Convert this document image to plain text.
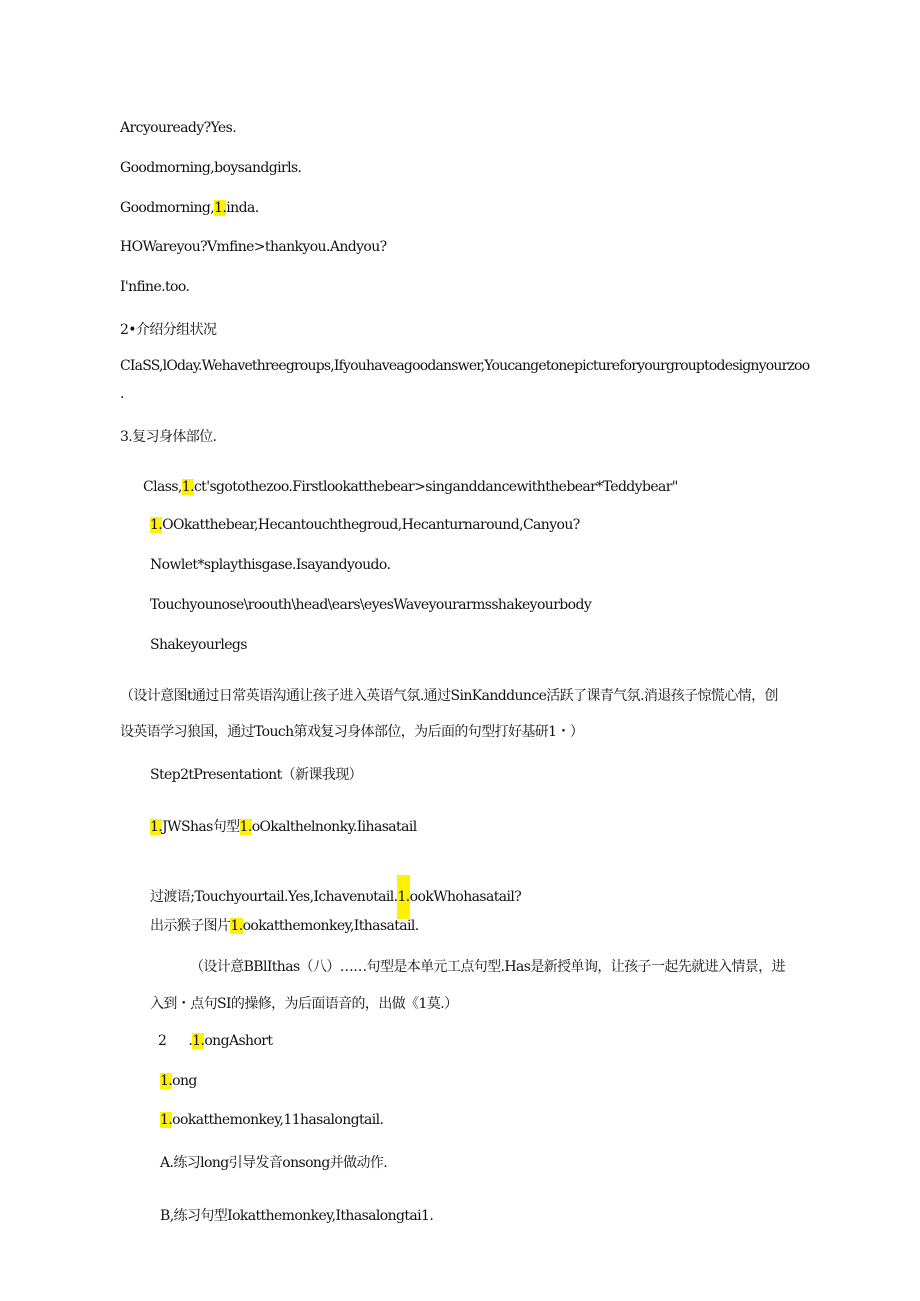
Arcyouready?Yes.
Goodmorning,boysandgirls.
Goodmorning,1.inda.
HOWareyou?Vmfine>thankyou.Andyou?
I'nfine.too.
2•介绍分组状况
CIaSS,lOday.Wehavethreegroups,Ifyouhaveagoodanswer,Youcangetonepictureforyourgrouptodesignyourzoo
.
3.复习身体部位.
Class,1.ct'sgotothezoo.Firstlookatthebear>singanddancewiththebear*Teddybear"
1.OOkatthebear,Hecantouchthegroud,Hecanturnaround,Canyou?
Nowlet*splaythisgase.Isayandyoudo.
Touchyounose\roouth\head\ears\eyesWaveyourarmsshakeyourbody
Shakeyourlegs
（设计意图t通过日常英语沟通让孩子进入英语气氛.通过SinKanddunce活跃了课青气氛.消退孩子惊慌心情，创
设英语学习狼国，通过Touch第戏复习身体部位，为后面的句型打好基研1・）
Step2tPresentationt（新课我现）
1.JWShas句型1.oOkalthelnonky.Iihasatail
过渡语;Touchyourtail.Yes,Ichavenυtail.1.ookWhohasatail?
出示猴子图片1.ookatthemonkey,Ithasatail.
（设计意BBlIthas（八）……句型是本单元工点句型.Has是新授单询，让孩子一起先就进入情景，进
入到・点句SI的操修，为后面语音的，出做《1莫.）
2 .1.ongAshort
1.ong
1.ookatthemonkey,11hasalongtail.
A.练习long引导发音onsong并做动作.
B,练习句型Iokatthemonkey,Ithasalongtai1.
